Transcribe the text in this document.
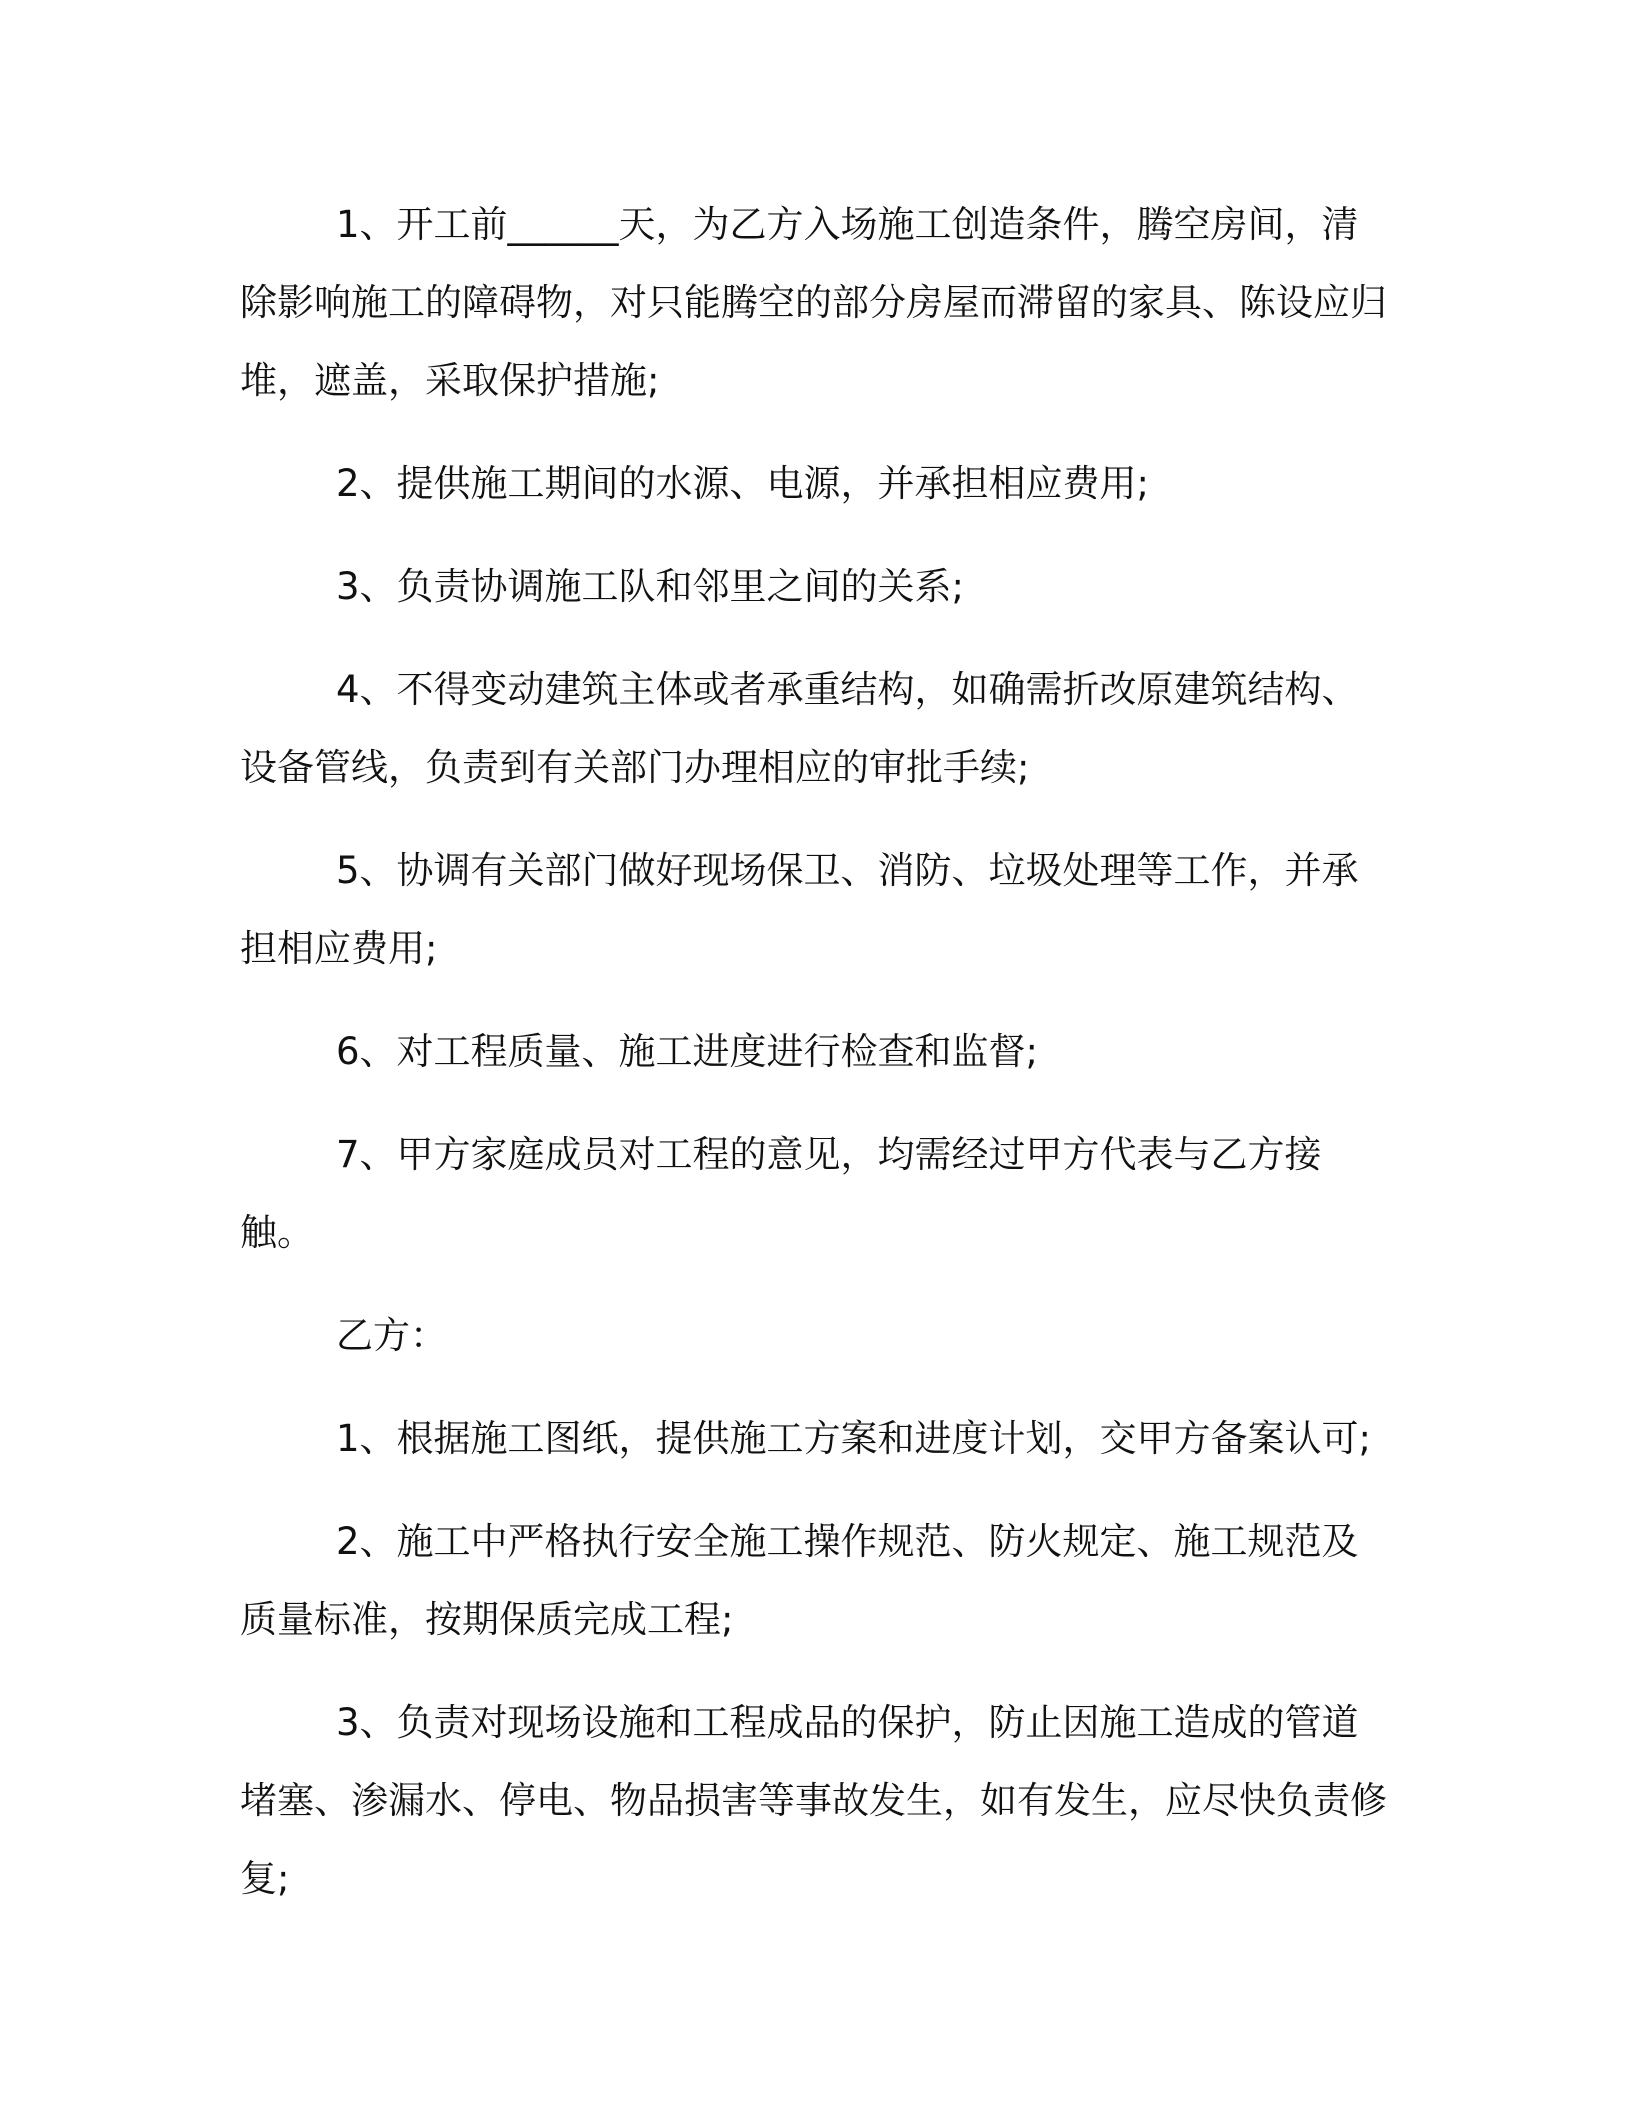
1、开工前______天，为乙方入场施工创造条件，腾空房间，清除影响施工的障碍物，对只能腾空的部分房屋而滞留的家具、陈设应归堆，遮盖，采取保护措施;

2、提供施工期间的水源、电源，并承担相应费用;

3、负责协调施工队和邻里之间的关系;

4、不得变动建筑主体或者承重结构，如确需折改原建筑结构、设备管线，负责到有关部门办理相应的审批手续;

5、协调有关部门做好现场保卫、消防、垃圾处理等工作，并承担相应费用;

6、对工程质量、施工进度进行检查和监督;

7、甲方家庭成员对工程的意见，均需经过甲方代表与乙方接触。

乙方：

1、根据施工图纸，提供施工方案和进度计划，交甲方备案认可;

2、施工中严格执行安全施工操作规范、防火规定、施工规范及质量标准，按期保质完成工程;

3、负责对现场设施和工程成品的保护，防止因施工造成的管道堵塞、渗漏水、停电、物品损害等事故发生，如有发生，应尽快负责修复;
